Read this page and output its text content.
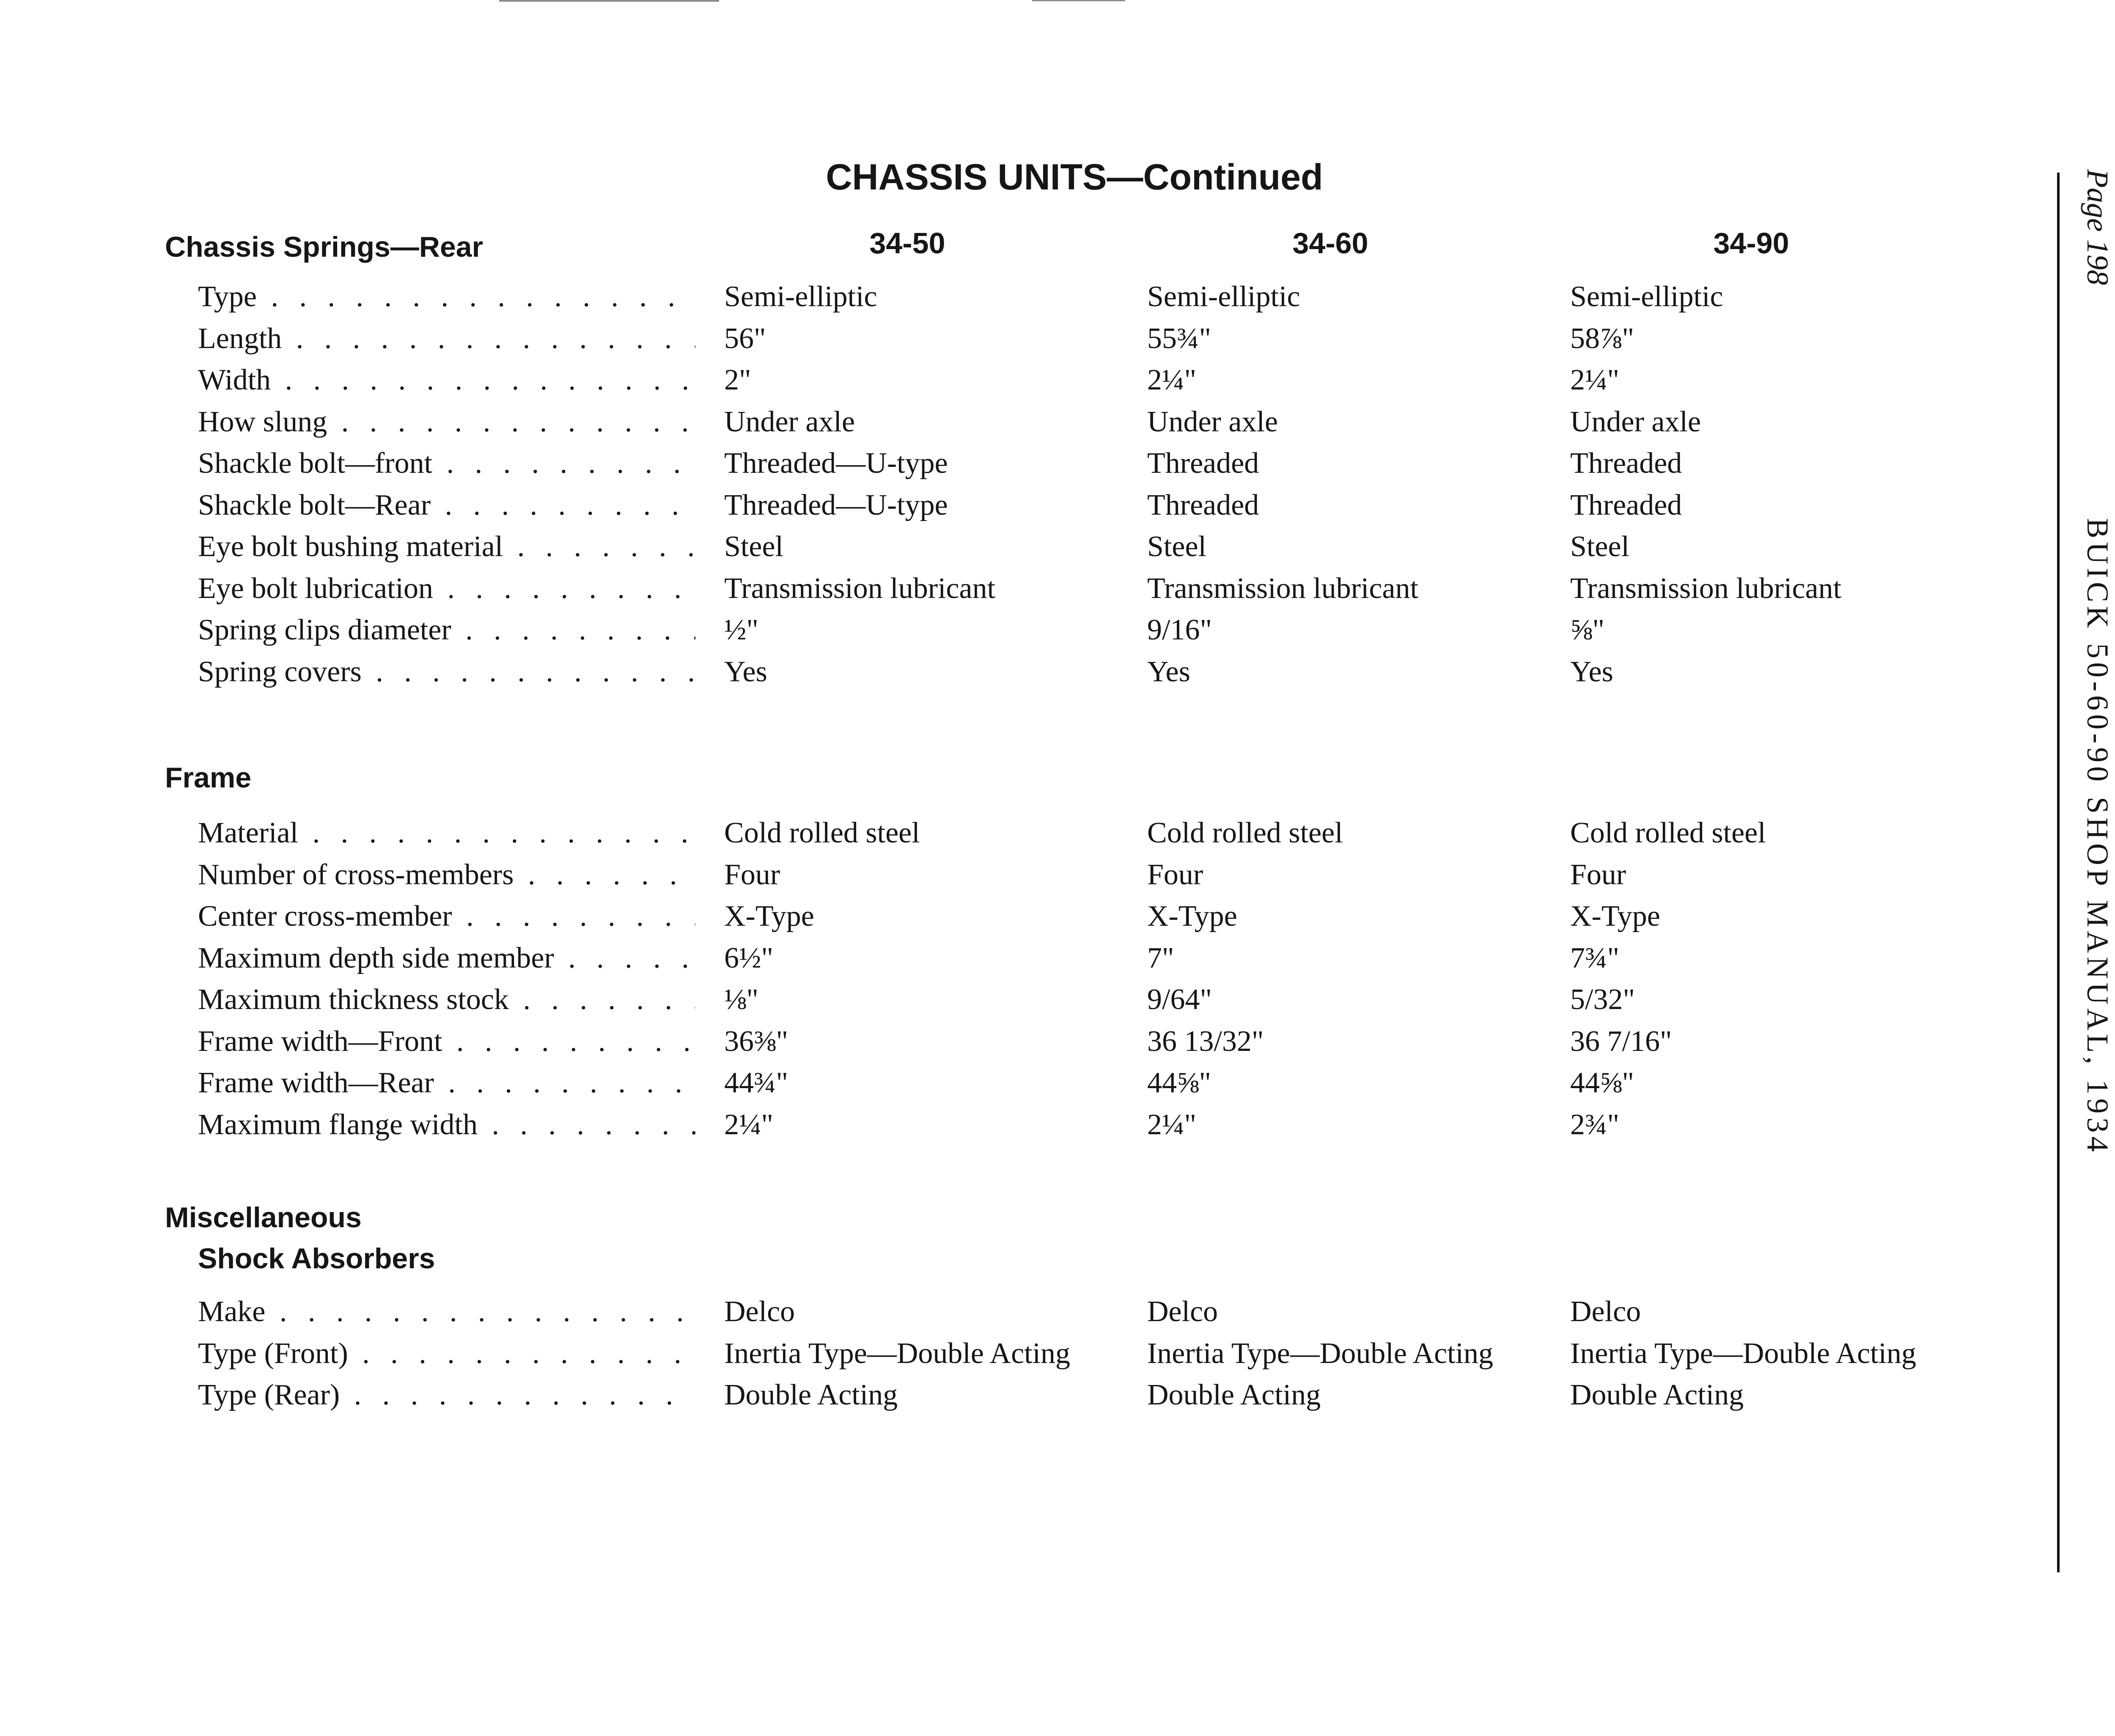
CHASSIS UNITS—Continued
Chassis Springs—Rear	34-50	34-60	34-90
Type . . .	Semi-elliptic	Semi-elliptic	Semi-elliptic
Length . . .	56"	55¾"	58⅞"
Width . . .	2"	2¼"	2¼"
How slung . . .	Under axle	Under axle	Under axle
Shackle bolt—front . . .	Threaded—U-type	Threaded	Threaded
Shackle bolt—Rear . . .	Threaded—U-type	Threaded	Threaded
Eye bolt bushing material . . .	Steel	Steel	Steel
Eye bolt lubrication . . .	Transmission lubricant	Transmission lubricant	Transmission lubricant
Spring clips diameter . . .	½"	9/16"	⅝"
Spring covers . . .	Yes	Yes	Yes
Frame
Material . . .	Cold rolled steel	Cold rolled steel	Cold rolled steel
Number of cross-members . . .	Four	Four	Four
Center cross-member . . .	X-Type	X-Type	X-Type
Maximum depth side member . . .	6½"	7"	7¾"
Maximum thickness stock . . .	⅛"	9/64"	5/32"
Frame width—Front . . .	36⅜"	36 13/32"	36 7/16"
Frame width—Rear . . .	44¾"	44⅝"	44⅝"
Maximum flange width . . .	2¼"	2¼"	2¾"
Miscellaneous
Shock Absorbers
Make . . .	Delco	Delco	Delco
Type (Front) . . .	Inertia Type—Double Acting	Inertia Type—Double Acting	Inertia Type—Double Acting
Type (Rear) . . .	Double Acting	Double Acting	Double Acting
Page 198
BUICK 50-60-90 SHOP MANUAL, 1934
